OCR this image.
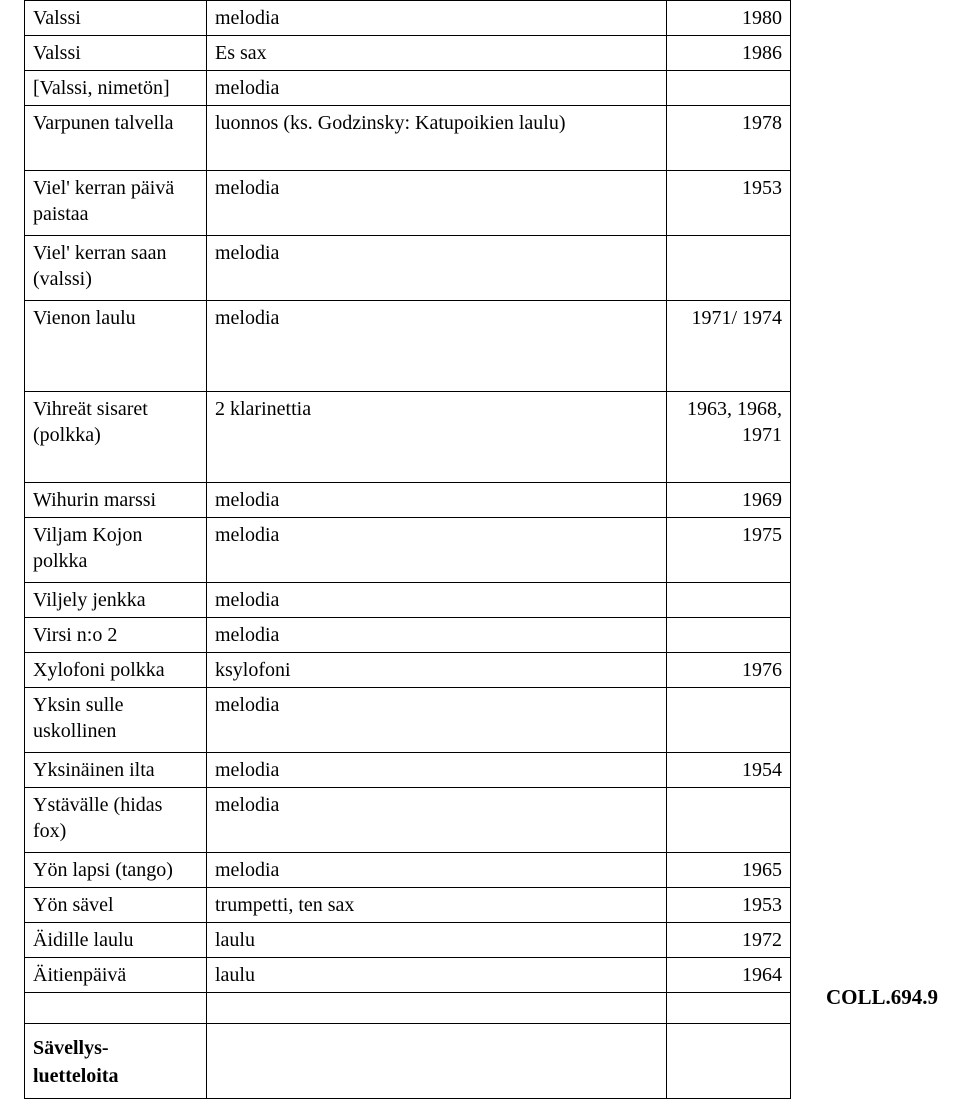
Valssi	melodia	1980
Valssi	Es sax	1986
[Valssi, nimetön]	melodia	
Varpunen talvella	luonnos (ks. Godzinsky: Katupoikien laulu)	1978
Viel' kerran päivä paistaa	melodia	1953
Viel' kerran saan (valssi)	melodia	
Vienon laulu	melodia	1971/ 1974
Vihreät sisaret (polkka)	2 klarinettia	1963, 1968, 1971
Wihurin marssi	melodia	1969
Viljam Kojon polkka	melodia	1975
Viljely jenkka	melodia	
Virsi n:o 2	melodia	
Xylofoni polkka	ksylofoni	1976
Yksin sulle uskollinen	melodia	
Yksinäinen ilta	melodia	1954
Ystävälle (hidas fox)	melodia	
Yön lapsi (tango)	melodia	1965
Yön sävel	trumpetti, ten sax	1953
Äidille laulu	laulu	1972
Äitienpäivä	laulu	1964

Sävellys-
luetteloita		

COLL.694.9
